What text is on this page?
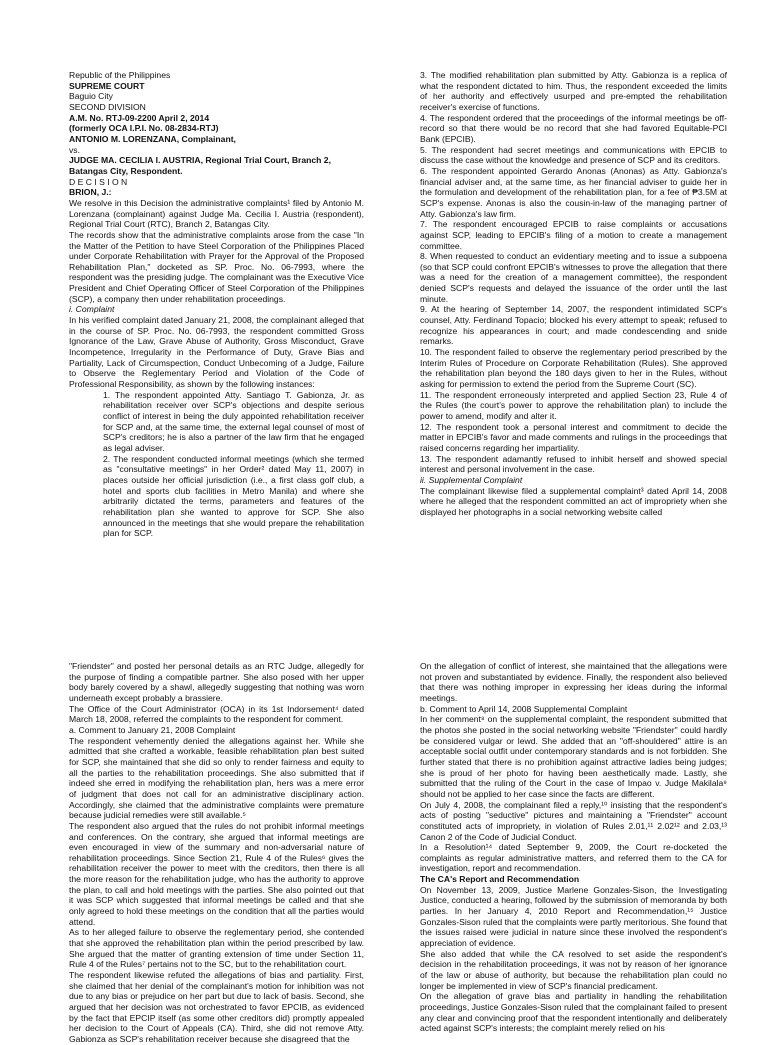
Republic of the Philippines

SUPREME COURT

Baguio City

SECOND DIVISION

A.M. No. RTJ-09-2200 April 2, 2014

(formerly OCA I.P.I. No. 08-2834-RTJ)

ANTONIO M. LORENZANA, Complainant,

vs.

JUDGE MA. CECILIA I. AUSTRIA, Regional Trial Court, Branch 2, Batangas City, Respondent.

D E C I S I O N

BRION, J.:

We resolve in this Decision the administrative complaints¹ filed by Antonio M. Lorenzana (complainant) against Judge Ma. Cecilia I. Austria (respondent), Regional Trial Court (RTC), Branch 2, Batangas City.

The records show that the administrative complaints arose from the case "In the Matter of the Petition to have Steel Corporation of the Philippines Placed under Corporate Rehabilitation with Prayer for the Approval of the Proposed Rehabilitation Plan," docketed as SP. Proc. No. 06-7993, where the respondent was the presiding judge. The complainant was the Executive Vice President and Chief Operating Officer of Steel Corporation of the Philippines (SCP), a company then under rehabilitation proceedings.

i. Complaint

In his verified complaint dated January 21, 2008, the complainant alleged that in the course of SP. Proc. No. 06-7993, the respondent committed Gross Ignorance of the Law, Grave Abuse of Authority, Gross Misconduct, Grave Incompetence, Irregularity in the Performance of Duty, Grave Bias and Partiality, Lack of Circumspection, Conduct Unbecoming of a Judge, Failure to Observe the Reglementary Period and Violation of the Code of Professional Responsibility, as shown by the following instances:

1. The respondent appointed Atty. Santiago T. Gabionza, Jr. as rehabilitation receiver over SCP's objections and despite serious conflict of interest in being the duly appointed rehabilitation receiver for SCP and, at the same time, the external legal counsel of most of SCP's creditors; he is also a partner of the law firm that he engaged as legal adviser.

2. The respondent conducted informal meetings (which she termed as "consultative meetings" in her Order² dated May 11, 2007) in places outside her official jurisdiction (i.e., a first class golf club, a hotel and sports club facilities in Metro Manila) and where she arbitrarily dictated the terms, parameters and features of the rehabilitation plan she wanted to approve for SCP. She also announced in the meetings that she would prepare the rehabilitation plan for SCP.

3. The modified rehabilitation plan submitted by Atty. Gabionza is a replica of what the respondent dictated to him. Thus, the respondent exceeded the limits of her authority and effectively usurped and pre-empted the rehabilitation receiver's exercise of functions.

4. The respondent ordered that the proceedings of the informal meetings be off-record so that there would be no record that she had favored Equitable-PCI Bank (EPCIB).

5. The respondent had secret meetings and communications with EPCIB to discuss the case without the knowledge and presence of SCP and its creditors.

6. The respondent appointed Gerardo Anonas (Anonas) as Atty. Gabionza's financial adviser and, at the same time, as her financial adviser to guide her in the formulation and development of the rehabilitation plan, for a fee of ₱3.5M at SCP's expense. Anonas is also the cousin-in-law of the managing partner of Atty. Gabionza's law firm.

7. The respondent encouraged EPCIB to raise complaints or accusations against SCP, leading to EPCIB's filing of a motion to create a management committee.

8. When requested to conduct an evidentiary meeting and to issue a subpoena (so that SCP could confront EPCIB's witnesses to prove the allegation that there was a need for the creation of a management committee), the respondent denied SCP's requests and delayed the issuance of the order until the last minute.

9. At the hearing of September 14, 2007, the respondent intimidated SCP's counsel, Atty. Ferdinand Topacio; blocked his every attempt to speak; refused to recognize his appearances in court; and made condescending and snide remarks.

10. The respondent failed to observe the reglementary period prescribed by the Interim Rules of Procedure on Corporate Rehabilitation (Rules). She approved the rehabilitation plan beyond the 180 days given to her in the Rules, without asking for permission to extend the period from the Supreme Court (SC).

11. The respondent erroneously interpreted and applied Section 23, Rule 4 of the Rules (the court's power to approve the rehabilitation plan) to include the power to amend, modify and alter it.

12. The respondent took a personal interest and commitment to decide the matter in EPCIB's favor and made comments and rulings in the proceedings that raised concerns regarding her impartiality.

13. The respondent adamantly refused to inhibit herself and showed special interest and personal involvement in the case.

ii. Supplemental Complaint

The complainant likewise filed a supplemental complaint³ dated April 14, 2008 where he alleged that the respondent committed an act of impropriety when she displayed her photographs in a social networking website called

"Friendster" and posted her personal details as an RTC Judge, allegedly for the purpose of finding a compatible partner. She also posed with her upper body barely covered by a shawl, allegedly suggesting that nothing was worn underneath except probably a brassiere.

The Office of the Court Administrator (OCA) in its 1st Indorsement⁴ dated March 18, 2008, referred the complaints to the respondent for comment.

a. Comment to January 21, 2008 Complaint

The respondent vehemently denied the allegations against her. While she admitted that she crafted a workable, feasible rehabilitation plan best suited for SCP, she maintained that she did so only to render fairness and equity to all the parties to the rehabilitation proceedings. She also submitted that if indeed she erred in modifying the rehabilitation plan, hers was a mere error of judgment that does not call for an administrative disciplinary action. Accordingly, she claimed that the administrative complaints were premature because judicial remedies were still available.⁵

The respondent also argued that the rules do not prohibit informal meetings and conferences. On the contrary, she argued that informal meetings are even encouraged in view of the summary and non-adversarial nature of rehabilitation proceedings. Since Section 21, Rule 4 of the Rules⁶ gives the rehabilitation receiver the power to meet with the creditors, then there is all the more reason for the rehabilitation judge, who has the authority to approve the plan, to call and hold meetings with the parties. She also pointed out that it was SCP which suggested that informal meetings be called and that she only agreed to hold these meetings on the condition that all the parties would attend.

As to her alleged failure to observe the reglementary period, she contended that she approved the rehabilitation plan within the period prescribed by law. She argued that the matter of granting extension of time under Section 11, Rule 4 of the Rules⁷ pertains not to the SC, but to the rehabilitation court.

The respondent likewise refuted the allegations of bias and partiality. First, she claimed that her denial of the complainant's motion for inhibition was not due to any bias or prejudice on her part but due to lack of basis. Second, she argued that her decision was not orchestrated to favor EPCIB, as evidenced by the fact that EPCIP itself (as some other creditors did) promptly appealed her decision to the Court of Appeals (CA). Third, she did not remove Atty. Gabionza as SCP's rehabilitation receiver because she disagreed that the

On the allegation of conflict of interest, she maintained that the allegations were not proven and substantiated by evidence. Finally, the respondent also believed that there was nothing improper in expressing her ideas during the informal meetings.

b. Comment to April 14, 2008 Supplemental Complaint

In her comment⁸ on the supplemental complaint, the respondent submitted that the photos she posted in the social networking website "Friendster" could hardly be considered vulgar or lewd. She added that an "off-shouldered" attire is an acceptable social outfit under contemporary standards and is not forbidden. She further stated that there is no prohibition against attractive ladies being judges; she is proud of her photo for having been aesthetically made. Lastly, she submitted that the ruling of the Court in the case of Impao v. Judge Makilala⁹ should not be applied to her case since the facts are different.

On July 4, 2008, the complainant filed a reply,¹⁰ insisting that the respondent's acts of posting "seductive" pictures and maintaining a "Friendster" account constituted acts of impropriety, in violation of Rules 2.01,¹¹ 2.02¹² and 2.03,¹³ Canon 2 of the Code of Judicial Conduct.

In a Resolution¹⁴ dated September 9, 2009, the Court re-docketed the complaints as regular administrative matters, and referred them to the CA for investigation, report and recommendation.

The CA's Report and Recommendation

On November 13, 2009, Justice Marlene Gonzales-Sison, the Investigating Justice, conducted a hearing, followed by the submission of memoranda by both parties. In her January 4, 2010 Report and Recommendation,¹⁵ Justice Gonzales-Sison ruled that the complaints were partly meritorious. She found that the issues raised were judicial in nature since these involved the respondent's appreciation of evidence.

She also added that while the CA resolved to set aside the respondent's decision in the rehabilitation proceedings, it was not by reason of her ignorance of the law or abuse of authority, but because the rehabilitation plan could no longer be implemented in view of SCP's financial predicament.

On the allegation of grave bias and partiality in handling the rehabilitation proceedings, Justice Gonzales-Sison ruled that the complainant failed to present any clear and convincing proof that the respondent intentionally and deliberately acted against SCP's interests; the complaint merely relied on his
